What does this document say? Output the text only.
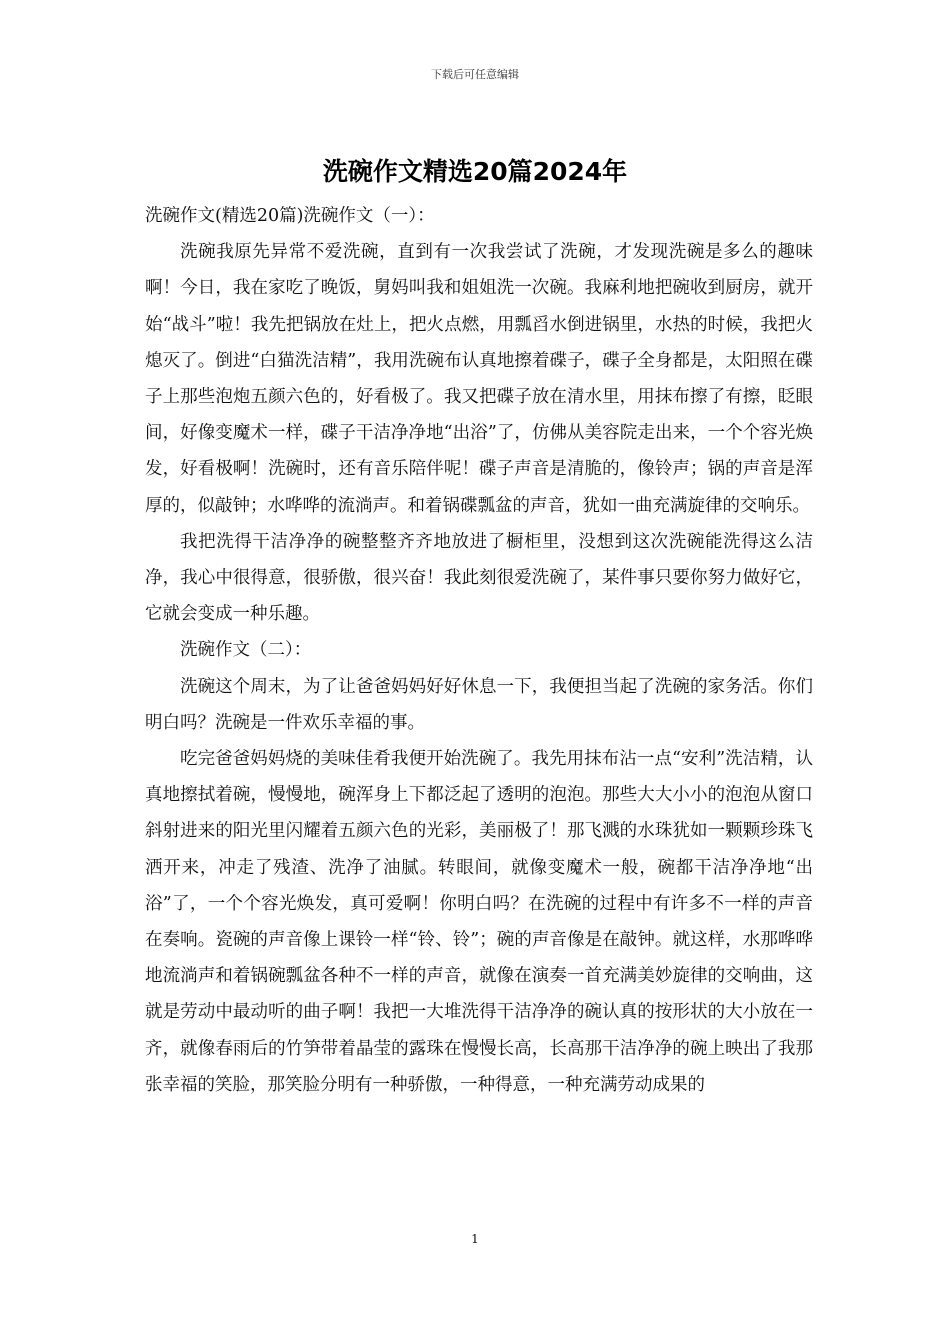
下载后可任意编辑
洗碗作文精选20篇2024年

洗碗作文(精选20篇)洗碗作文（一）：

洗碗我原先异常不爱洗碗，直到有一次我尝试了洗碗，才发现洗碗是多么的趣味啊！今日，我在家吃了晚饭，舅妈叫我和姐姐洗一次碗。我麻利地把碗收到厨房，就开始“战斗”啦！我先把锅放在灶上，把火点燃，用瓢舀水倒进锅里，水热的时候，我把火熄灭了。倒进“白猫洗洁精”，我用洗碗布认真地擦着碟子，碟子全身都是，太阳照在碟子上那些泡炮五颜六色的，好看极了。我又把碟子放在清水里，用抹布擦了有擦，眨眼间，好像变魔术一样，碟子干洁净净地“出浴”了，仿佛从美容院走出来，一个个容光焕发，好看极啊！洗碗时，还有音乐陪伴呢！碟子声音是清脆的，像铃声；锅的声音是浑厚的，似敲钟；水哗哗的流淌声。和着锅碟瓢盆的声音，犹如一曲充满旋律的交响乐。

我把洗得干洁净净的碗整整齐齐地放进了橱柜里，没想到这次洗碗能洗得这么洁净，我心中很得意，很骄傲，很兴奋！我此刻很爱洗碗了，某件事只要你努力做好它，它就会变成一种乐趣。

洗碗作文（二）：

洗碗这个周末，为了让爸爸妈妈好好休息一下，我便担当起了洗碗的家务活。你们明白吗？洗碗是一件欢乐幸福的事。

吃完爸爸妈妈烧的美味佳肴我便开始洗碗了。我先用抹布沾一点“安利”洗洁精，认真地擦拭着碗，慢慢地，碗浑身上下都泛起了透明的泡泡。那些大大小小的泡泡从窗口斜射进来的阳光里闪耀着五颜六色的光彩，美丽极了！那飞溅的水珠犹如一颗颗珍珠飞洒开来，冲走了残渣、洗净了油腻。转眼间，就像变魔术一般，碗都干洁净净地“出浴”了，一个个容光焕发，真可爱啊！你明白吗？在洗碗的过程中有许多不一样的声音在奏响。瓷碗的声音像上课铃一样“铃、铃”；碗的声音像是在敲钟。就这样，水那哗哗地流淌声和着锅碗瓢盆各种不一样的声音，就像在演奏一首充满美妙旋律的交响曲，这就是劳动中最动听的曲子啊！我把一大堆洗得干洁净净的碗认真的按形状的大小放在一齐，就像春雨后的竹笋带着晶莹的露珠在慢慢长高，长高那干洁净净的碗上映出了我那张幸福的笑脸，那笑脸分明有一种骄傲，一种得意，一种充满劳动成果的

1
